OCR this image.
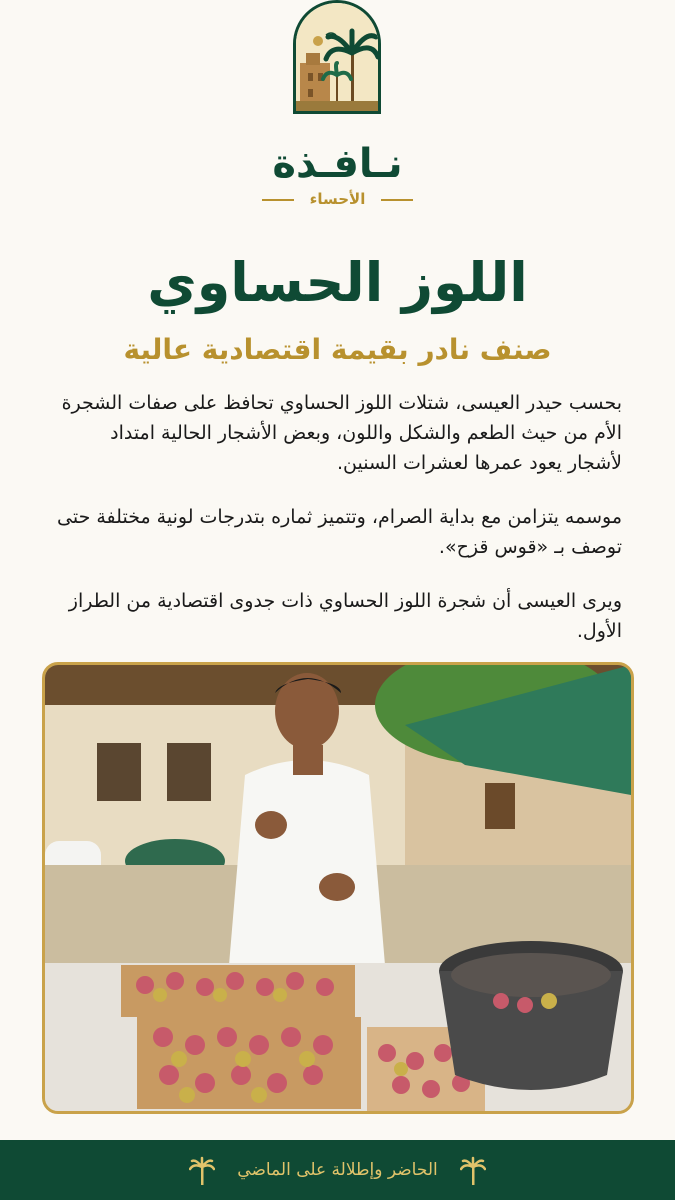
نـافـذة
الأحساء
اللوز الحساوي
صنف نادر بقيمة اقتصادية عالية

بحسب حيدر العيسى، شتلات اللوز الحساوي تحافظ على صفات الشجرة الأم من حيث الطعم والشكل واللون، وبعض الأشجار الحالية امتداد لأشجار يعود عمرها لعشرات السنين.

موسمه يتزامن مع بداية الصرام، وتتميز ثماره بتدرجات لونية مختلفة حتى توصف بـ «قوس قزح».

ويرى العيسى أن شجرة اللوز الحساوي ذات جدوى اقتصادية من الطراز الأول.

الحاضر وإطلالة على الماضي
